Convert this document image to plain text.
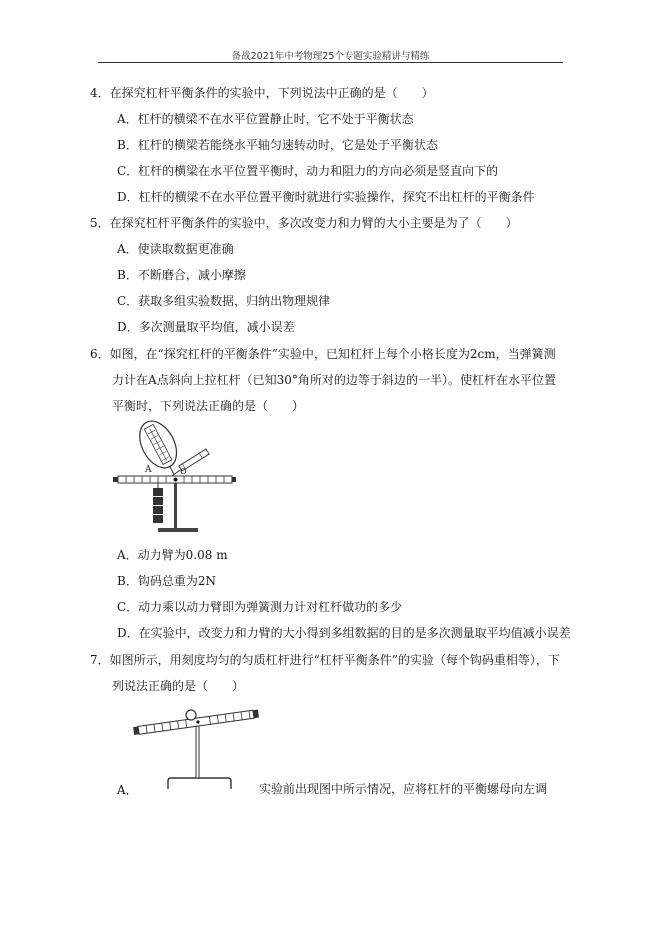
备战2021年中考物理25个专题实验精讲与精练
4．在探究杠杆平衡条件的实验中，下列说法中正确的是（　　）
A．杠杆的横梁不在水平位置静止时，它不处于平衡状态
B．杠杆的横梁若能绕水平轴匀速转动时，它是处于平衡状态
C．杠杆的横梁在水平位置平衡时，动力和阻力的方向必须是竖直向下的
D．杠杆的横梁不在水平位置平衡时就进行实验操作，探究不出杠杆的平衡条件
5．在探究杠杆平衡条件的实验中，多次改变力和力臂的大小主要是为了（　　）
A．使读取数据更准确
B．不断磨合，减小摩擦
C．获取多组实验数据，归纳出物理规律
D．多次测量取平均值，减小误差
6．如图，在“探究杠杆的平衡条件”实验中，已知杠杆上每个小格长度为2cm，当弹簧测
力计在A点斜向上拉杠杆（已知30°角所对的边等于斜边的一半）。使杠杆在水平位置
平衡时，下列说法正确的是（　　）
A	O
A．动力臂为0.08 m
B．钩码总重为2N
C．动力乘以动力臂即为弹簧测力计对杠杆做功的多少
D．在实验中，改变力和力臂的大小得到多组数据的目的是多次测量取平均值减小误差
7．如图所示，用刻度均匀的匀质杠杆进行“杠杆平衡条件”的实验（每个钩码重相等），下
列说法正确的是（　　）
A．	实验前出现图中所示情况，应将杠杆的平衡螺母向左调
